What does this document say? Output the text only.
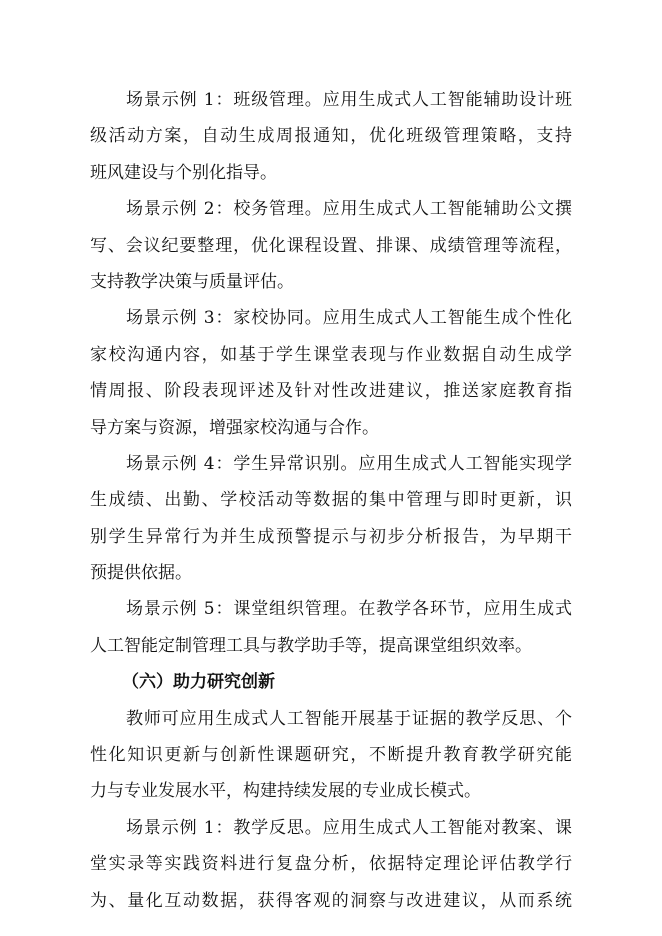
场景示例 1：班级管理。应用生成式人工智能辅助设计班
级活动方案，自动生成周报通知，优化班级管理策略，支持
班风建设与个别化指导。
场景示例 2：校务管理。应用生成式人工智能辅助公文撰
写、会议纪要整理，优化课程设置、排课、成绩管理等流程，
支持教学决策与质量评估。
场景示例 3：家校协同。应用生成式人工智能生成个性化
家校沟通内容，如基于学生课堂表现与作业数据自动生成学
情周报、阶段表现评述及针对性改进建议，推送家庭教育指
导方案与资源，增强家校沟通与合作。
场景示例 4：学生异常识别。应用生成式人工智能实现学
生成绩、出勤、学校活动等数据的集中管理与即时更新，识
别学生异常行为并生成预警提示与初步分析报告，为早期干
预提供依据。
场景示例 5：课堂组织管理。在教学各环节，应用生成式
人工智能定制管理工具与教学助手等，提高课堂组织效率。
（六）助力研究创新
教师可应用生成式人工智能开展基于证据的教学反思、个
性化知识更新与创新性课题研究，不断提升教育教学研究能
力与专业发展水平，构建持续发展的专业成长模式。
场景示例 1：教学反思。应用生成式人工智能对教案、课
堂实录等实践资料进行复盘分析，依据特定理论评估教学行
为、量化互动数据，获得客观的洞察与改进建议，从而系统
